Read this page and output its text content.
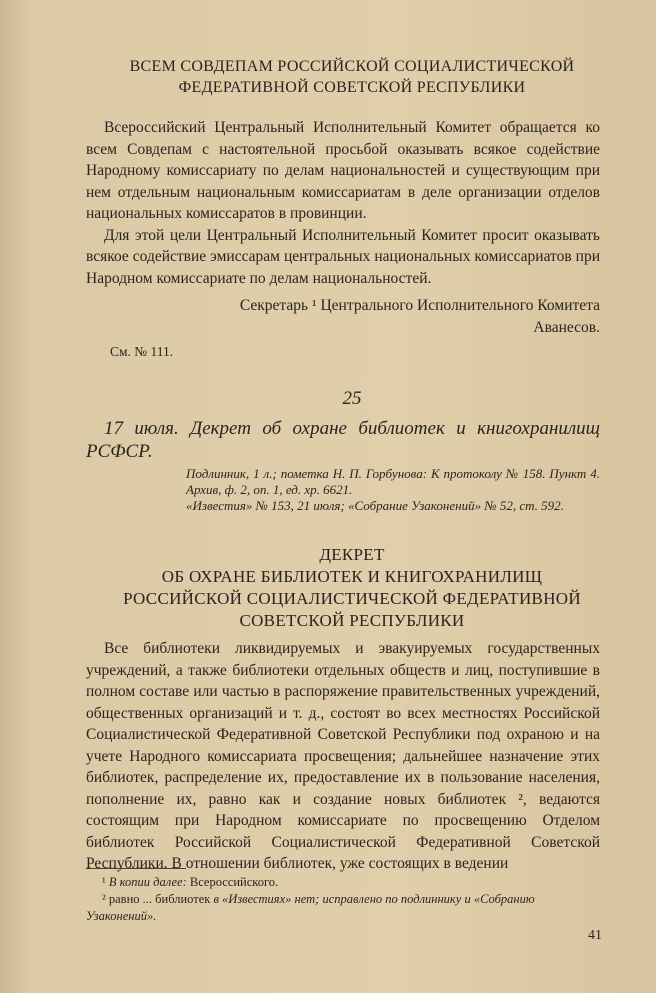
ВСЕМ СОВДЕПАМ РОССИЙСКОЙ СОЦИАЛИСТИЧЕСКОЙ

ФЕДЕРАТИВНОЙ СОВЕТСКОЙ РЕСПУБЛИКИ

Всероссийский Центральный Исполнительный Комитет обращается ко всем Совдепам с настоятельной просьбой оказывать всякое содействие Народному комиссариату по делам национальностей и существующим при нем отдельным национальным комиссариатам в деле организации отделов национальных комиссаратов в провинции.

Для этой цели Центральный Исполнительный Комитет просит оказывать всякое содействие эмиссарам центральных национальных комиссариатов при Народном комиссариате по делам национальностей.

Секретарь ¹ Центрального Исполнительного Комитета

Аванесов.

См. № 111.

25

17 июля. Декрет об охране библиотек и книгохранилищ РСФСР.

Подлинник, 1 л.; пометка Н. П. Горбунова: К протоколу № 158. Пункт 4. Архив, ф. 2, оп. 1, ед. хр. 6621.

«Известия» № 153, 21 июля; «Собрание Узаконений» № 52, ст. 592.

ДЕКРЕТ

ОБ ОХРАНЕ БИБЛИОТЕК И КНИГОХРАНИЛИЩ

РОССИЙСКОЙ СОЦИАЛИСТИЧЕСКОЙ ФЕДЕРАТИВНОЙ

СОВЕТСКОЙ РЕСПУБЛИКИ

Все библиотеки ликвидируемых и эвакуируемых государственных учреждений, а также библиотеки отдельных обществ и лиц, поступившие в полном составе или частью в распоряжение правительственных учреждений, общественных организаций и т. д., состоят во всех местностях Российской Социалистической Федеративной Советской Республики под охраною и на учете Народного комиссариата просвещения; дальнейшее назначение этих библиотек, распределение их, предоставление их в пользование населения, пополнение их, равно как и создание новых библиотек ², ведаются состоящим при Народном комиссариате по просвещению Отделом библиотек Российской Социалистической Федеративной Советской Республики. В отношении библиотек, уже состоящих в ведении

¹ В копии далее: Всероссийского.

² равно ... библиотек в «Известиях» нет; исправлено по подлиннику и «Собранию Узаконений».

41
